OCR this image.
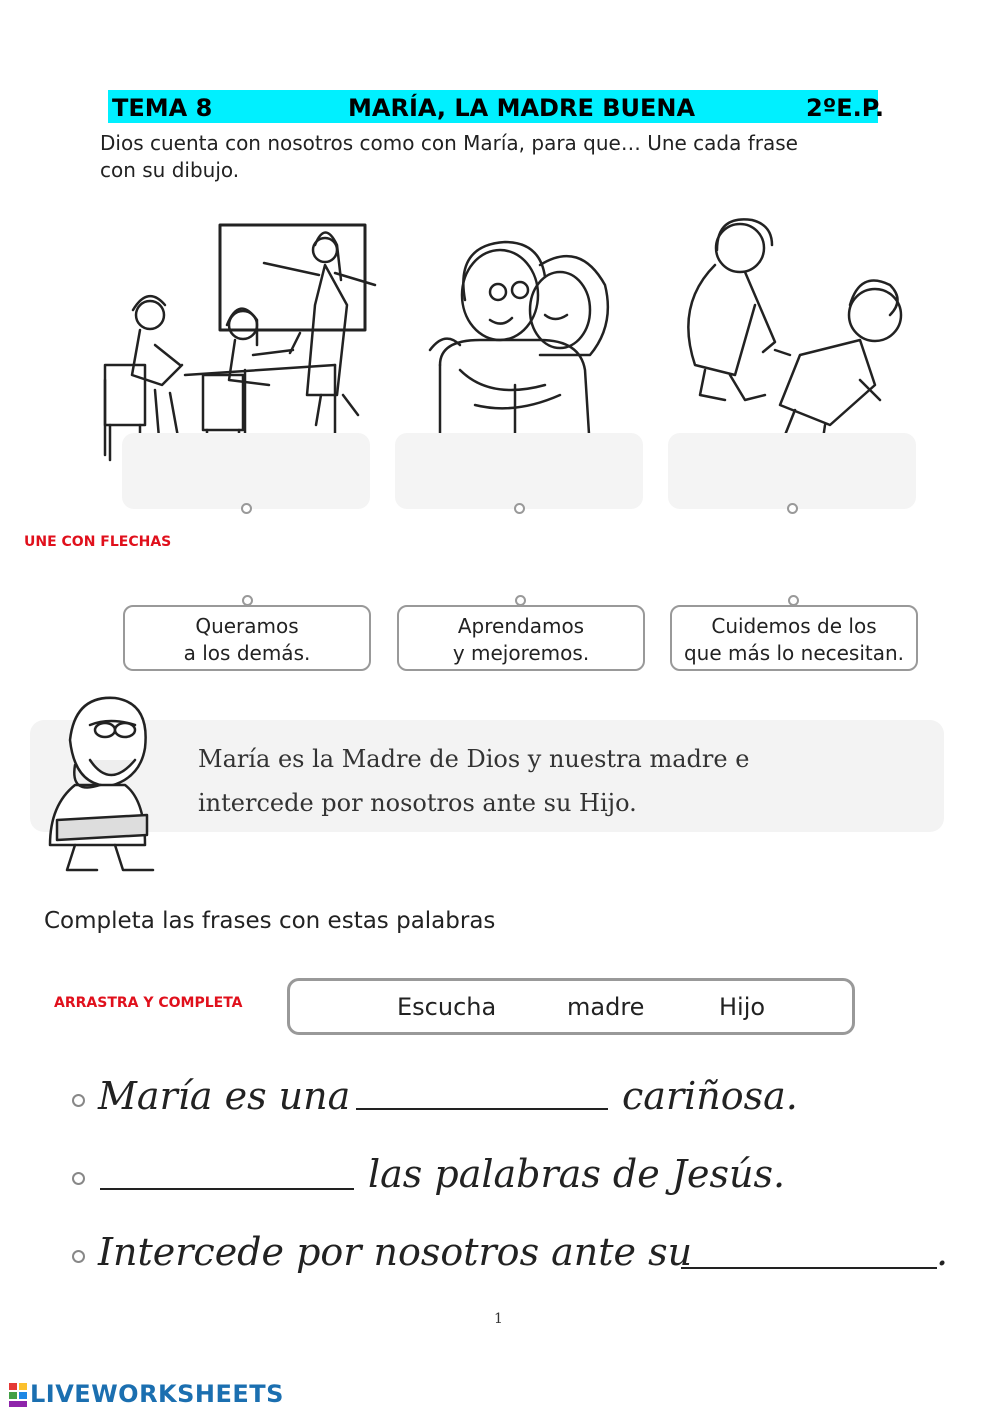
TEMA 8	MARÍA, LA MADRE BUENA	2ºE.P.
Dios cuenta con nosotros como con María, para que… Une cada frase
con su dibujo.
UNE CON FLECHAS
Queramos
a los demás.
Aprendamos
y mejoremos.
Cuidemos de los
que más lo necesitan.
María es la Madre de Dios y nuestra madre e
intercede por nosotros ante su Hijo.
Completa las frases con estas palabras
ARRASTRA Y COMPLETA	Escucha	madre	Hijo
María es una	cariñosa.
las palabras de Jesús.
Intercede por nosotros ante su	.
1
LIVEWORKSHEETS
